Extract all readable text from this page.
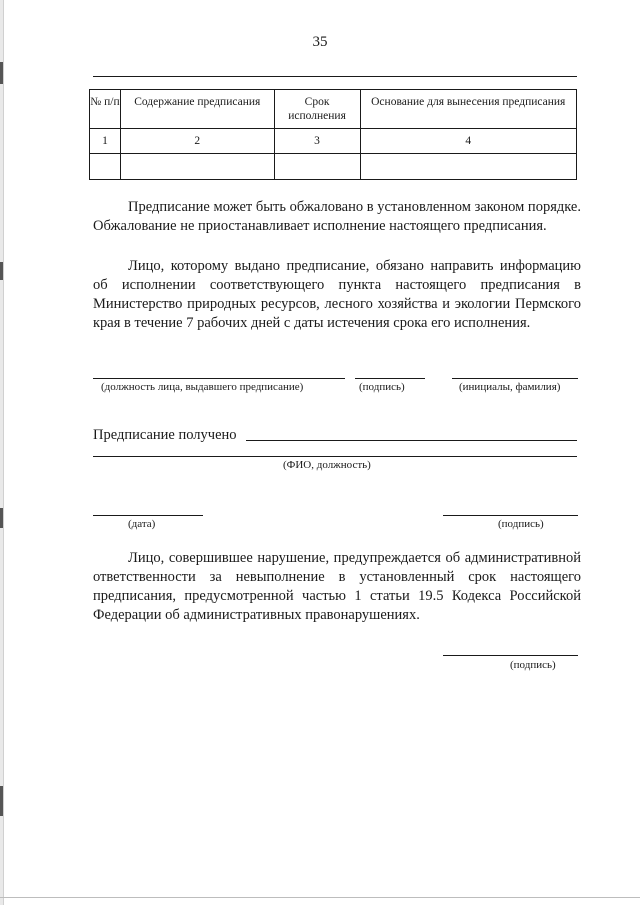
35
№ п/п	Содержание предписания	Срок исполнения	Основание для вынесения предписания
1	2	3	4

Предписание может быть обжаловано в установленном законом порядке. Обжалование не приостанавливает исполнение настоящего предписания.

Лицо, которому выдано предписание, обязано направить информацию об исполнении соответствующего пункта настоящего предписания в Министерство природных ресурсов, лесного хозяйства и экологии Пермского края в течение 7 рабочих дней с даты истечения срока его исполнения.

(должность лица, выдавшего предписание)	(подпись)	(инициалы, фамилия)
Предписание получено
(ФИО, должность)
(дата)	(подпись)

Лицо, совершившее нарушение, предупреждается об административной ответственности за невыполнение в установленный срок настоящего предписания, предусмотренной частью 1 статьи 19.5 Кодекса Российской Федерации об административных правонарушениях.

(подпись)
